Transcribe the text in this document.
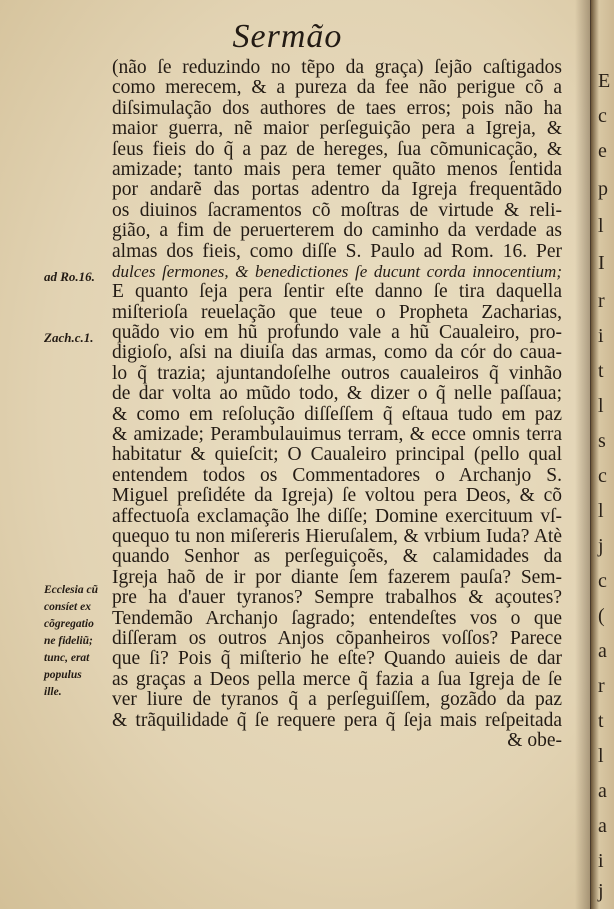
Sermão
ad Ro.16.
Zach.c.1.
Ecclesia cũ
consíet ex
cõgregatio
ne fideliũ;
tunc, erat
populus
ille.
(não ſe reduzindo no tẽpo da graça) ſejão caſtigados
como merecem, & a pureza da fee não perigue cõ a
diſsimulação dos authores de taes erros; pois não ha
maior guerra, nẽ maior perſeguição pera a Igreja, &
ſeus fieis do q̃ a paz de hereges, ſua cõmunicação, &
amizade; tanto mais pera temer quãto menos ſentida
por andarẽ das portas adentro da Igreja frequentãdo
os diuinos ſacramentos cõ moſtras de virtude & reli-
gião, a fim de peruerterem do caminho da verdade as
almas dos fieis, como diſſe S. Paulo ad Rom. 16. Per
dulces ſermones, & benedictiones ſe ducunt corda innocentium;
E quanto ſeja pera ſentir eſte danno ſe tira daquella
miſterioſa reuelação que teue o Propheta Zacharias,
quãdo vio em hũ profundo vale a hũ Caualeiro, pro-
digioſo, aſsi na diuiſa das armas, como da cór do caua-
lo q̃ trazia; ajuntandoſelhe outros caualeiros q̃ vinhão
de dar volta ao mũdo todo, & dizer o q̃ nelle paſſaua;
& como em reſolução diſſeſſem q̃ eſtaua tudo em paz
& amizade; Perambulauimus terram, & ecce omnis terra
habitatur & quieſcit; O Caualeiro principal (pello qual
entendem todos os Commentadores o Archanjo S.
Miguel preſidéte da Igreja) ſe voltou pera Deos, & cõ
affectuoſa exclamação lhe diſſe; Domine exercituum vſ-
quequo tu non miſereris Hieruſalem, & vrbium Iuda? Atè
quando Senhor as perſeguiçoẽs, & calamidades da
Igreja haõ de ir por diante ſem fazerem pauſa? Sem-
pre ha d'auer tyranos? Sempre trabalhos & açoutes?
Tendemão Archanjo ſagrado; entendeſtes vos o que
diſſeram os outros Anjos cõpanheiros voſſos? Parece
que ſi? Pois q̃ miſterio he eſte? Quando auieis de dar
as graças a Deos pella merce q̃ fazia a ſua Igreja de ſe
ver liure de tyranos q̃ a perſeguiſſem, gozãdo da paz
& trãquilidade q̃ ſe requere pera q̃ ſeja mais reſpeitada
& obe-
E
c
e
p
l
I
r
i
t
l
s
c
l
j
c
(
a
r
t
l
a
a
i
j
